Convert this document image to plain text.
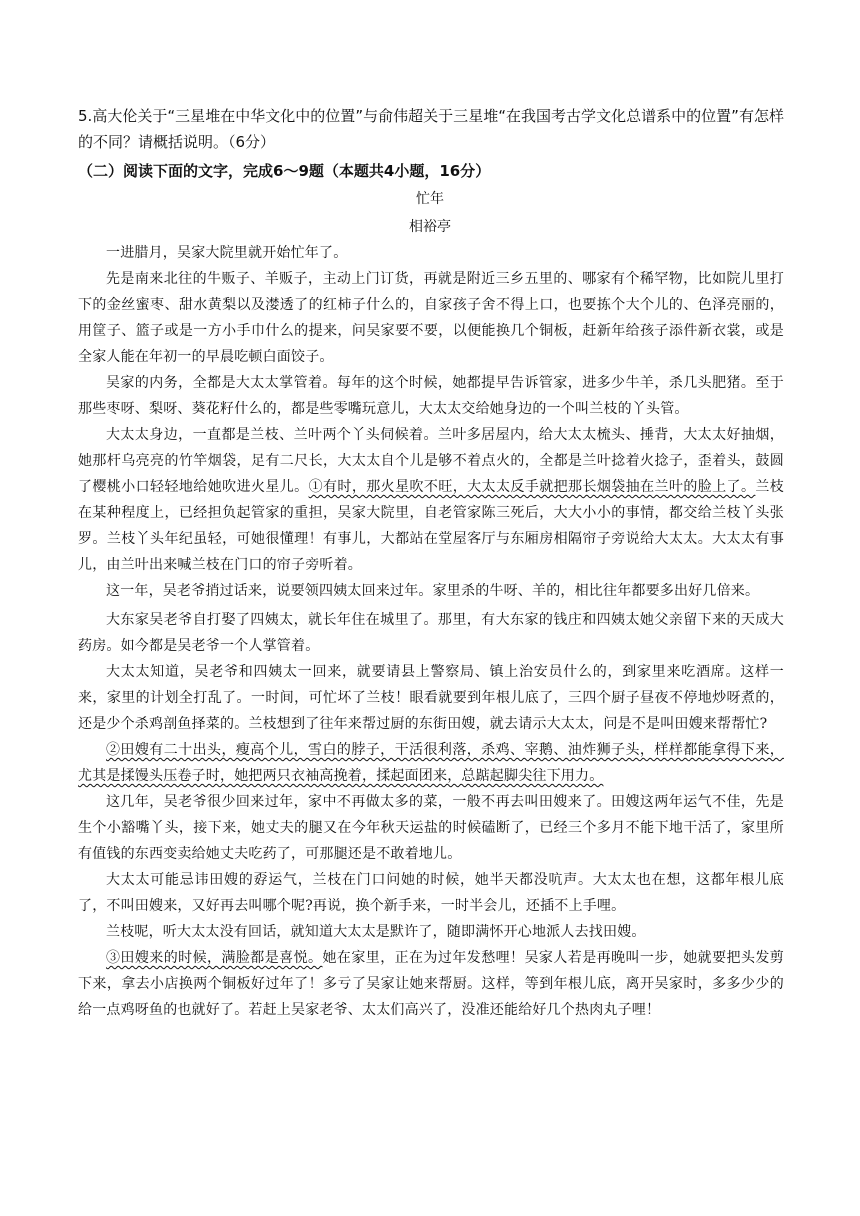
5.高大伦关于“三星堆在中华文化中的位置”与俞伟超关于三星堆“在我国考古学文化总谱系中的位置”有怎样的不同？请概括说明。（6分）

（二）阅读下面的文字，完成6～9题（本题共4小题，16分）

忙年

相裕亭

一进腊月，吴家大院里就开始忙年了。

先是南来北往的牛贩子、羊贩子，主动上门订货，再就是附近三乡五里的、哪家有个稀罕物，比如院儿里打下的金丝蜜枣、甜水黄梨以及漤透了的红柿子什么的，自家孩子舍不得上口，也要拣个大个儿的、色泽亮丽的，用筐子、篮子或是一方小手巾什么的提来，问吴家要不要，以便能换几个铜板，赶新年给孩子添件新衣裳，或是全家人能在年初一的早晨吃顿白面饺子。

吴家的内务，全都是大太太掌管着。每年的这个时候，她都提早告诉管家，进多少牛羊，杀几头肥猪。至于那些枣呀、梨呀、葵花籽什么的，都是些零嘴玩意儿，大太太交给她身边的一个叫兰枝的丫头管。

大太太身边，一直都是兰枝、兰叶两个丫头伺候着。兰叶多居屋内，给大太太梳头、捶背，大太太好抽烟，她那杆乌亮亮的竹竿烟袋，足有二尺长，大太太自个儿是够不着点火的，全都是兰叶捻着火捻子，歪着头，鼓圆了樱桃小口轻轻地给她吹进火星儿。①有时，那火星吹不旺，大太太反手就把那长烟袋抽在兰叶的脸上了。兰枝在某种程度上，已经担负起管家的重担，吴家大院里，自老管家陈三死后，大大小小的事情，都交给兰枝丫头张罗。兰枝丫头年纪虽轻，可她很懂理！有事儿，大都站在堂屋客厅与东厢房相隔帘子旁说给大太太。大太太有事儿，由兰叶出来喊兰枝在门口的帘子旁听着。

这一年，吴老爷捎过话来，说要领四姨太回来过年。家里杀的牛呀、羊的，相比往年都要多出好几倍来。

大东家吴老爷自打娶了四姨太，就长年住在城里了。那里，有大东家的钱庄和四姨太她父亲留下来的天成大药房。如今都是吴老爷一个人掌管着。

大太太知道，吴老爷和四姨太一回来，就要请县上警察局、镇上治安员什么的，到家里来吃酒席。这样一来，家里的计划全打乱了。一时间，可忙坏了兰枝！眼看就要到年根儿底了，三四个厨子昼夜不停地炒呀煮的，还是少个杀鸡剖鱼择菜的。兰枝想到了往年来帮过厨的东街田嫂，就去请示大太太，问是不是叫田嫂来帮帮忙?

②田嫂有二十出头，瘦高个儿，雪白的脖子，干活很利落，杀鸡、宰鹅、油炸狮子头，样样都能拿得下来，尤其是揉馒头压卷子时，她把两只衣袖高挽着，揉起面团来，总踮起脚尖往下用力。

这几年，吴老爷很少回来过年，家中不再做太多的菜，一般不再去叫田嫂来了。田嫂这两年运气不佳，先是生个小豁嘴丫头，接下来，她丈夫的腿又在今年秋天运盐的时候磕断了，已经三个多月不能下地干活了，家里所有值钱的东西变卖给她丈夫吃药了，可那腿还是不敢着地儿。

大太太可能忌讳田嫂的孬运气，兰枝在门口问她的时候，她半天都没吭声。大太太也在想，这都年根儿底了，不叫田嫂来，又好再去叫哪个呢?再说，换个新手来，一时半会儿，还插不上手哩。

兰枝呢，听大太太没有回话，就知道大太太是默许了，随即满怀开心地派人去找田嫂。

③田嫂来的时候，满脸都是喜悦。她在家里，正在为过年发愁哩！吴家人若是再晚叫一步，她就要把头发剪下来，拿去小店换两个铜板好过年了！多亏了吴家让她来帮厨。这样，等到年根儿底，离开吴家时，多多少少的给一点鸡呀鱼的也就好了。若赶上吴家老爷、太太们高兴了，没准还能给好几个热肉丸子哩！
